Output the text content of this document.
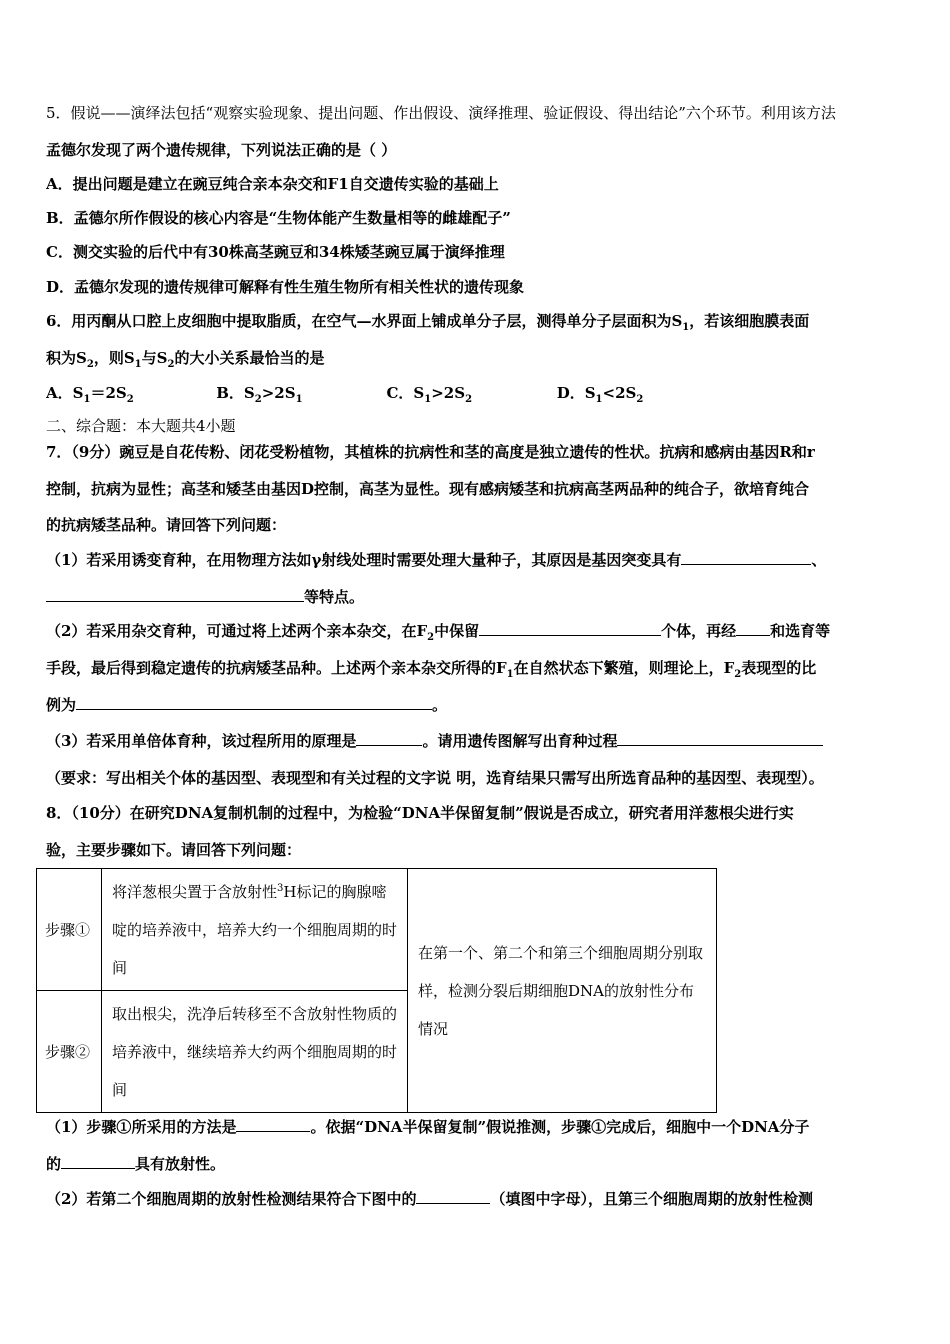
5．假说——演绎法包括“观察实验现象、提出问题、作出假设、演绎推理、验证假设、得出结论”六个环节。利用该方法
孟德尔发现了两个遗传规律，下列说法正确的是（ ）
A．提出问题是建立在豌豆纯合亲本杂交和F1自交遗传实验的基础上
B．孟德尔所作假设的核心内容是“生物体能产生数量相等的雌雄配子”
C．测交实验的后代中有30株高茎豌豆和34株矮茎豌豆属于演绎推理
D．孟德尔发现的遗传规律可解释有性生殖生物所有相关性状的遗传现象
6．用丙酮从口腔上皮细胞中提取脂质，在空气—水界面上铺成单分子层，测得单分子层面积为$S_1$，若该细胞膜表面
积为$S_2$，则$S_1$与$S_2$的大小关系最恰当的是
A．$S_1=2S_2$	B．$S_2>2S_1$	C．$S_1>2S_2$	D．$S_1<2S_2$
二、综合题：本大题共4小题
7．（9分）豌豆是自花传粉、闭花受粉植物，其植株的抗病性和茎的高度是独立遗传的性状。抗病和感病由基因R和r
控制，抗病为显性；高茎和矮茎由基因D控制，高茎为显性。现有感病矮茎和抗病高茎两品种的纯合子，欲培育纯合
的抗病矮茎品种。请回答下列问题：
（1）若采用诱变育种，在用物理方法如γ射线处理时需要处理大量种子，其原因是基因突变具有	、
等特点。
（2）若采用杂交育种，可通过将上述两个亲本杂交，在$F_2$中保留	个体，再经 和选育等
手段，最后得到稳定遗传的抗病矮茎品种。上述两个亲本杂交所得的$F_1$在自然状态下繁殖，则理论上，$F_2$表现型的比
例为	。
（3）若采用单倍体育种，该过程所用的原理是	。请用遗传图解写出育种过程
（要求：写出相关个体的基因型、表现型和有关过程的文字说 明，选育结果只需写出所选育品种的基因型、表现型）。
8．（10分）在研究DNA复制机制的过程中，为检验“DNA半保留复制”假说是否成立，研究者用洋葱根尖进行实
验，主要步骤如下。请回答下列问题：
步骤①	将洋葱根尖置于含放射性$^3$H标记的胸腺嘧啶的培养液中，培养大约一个细胞周期的时间	在第一个、第二个和第三个细胞周期分别取样，检测分裂后期细胞DNA的放射性分布情况
步骤②	取出根尖，洗净后转移至不含放射性物质的培养液中，继续培养大约两个细胞周期的时间	
（1）步骤①所采用的方法是	。依据“DNA半保留复制”假说推测，步骤①完成后，细胞中一个DNA分子
的	具有放射性。
（2）若第二个细胞周期的放射性检测结果符合下图中的	（填图中字母），且第三个细胞周期的放射性检测
